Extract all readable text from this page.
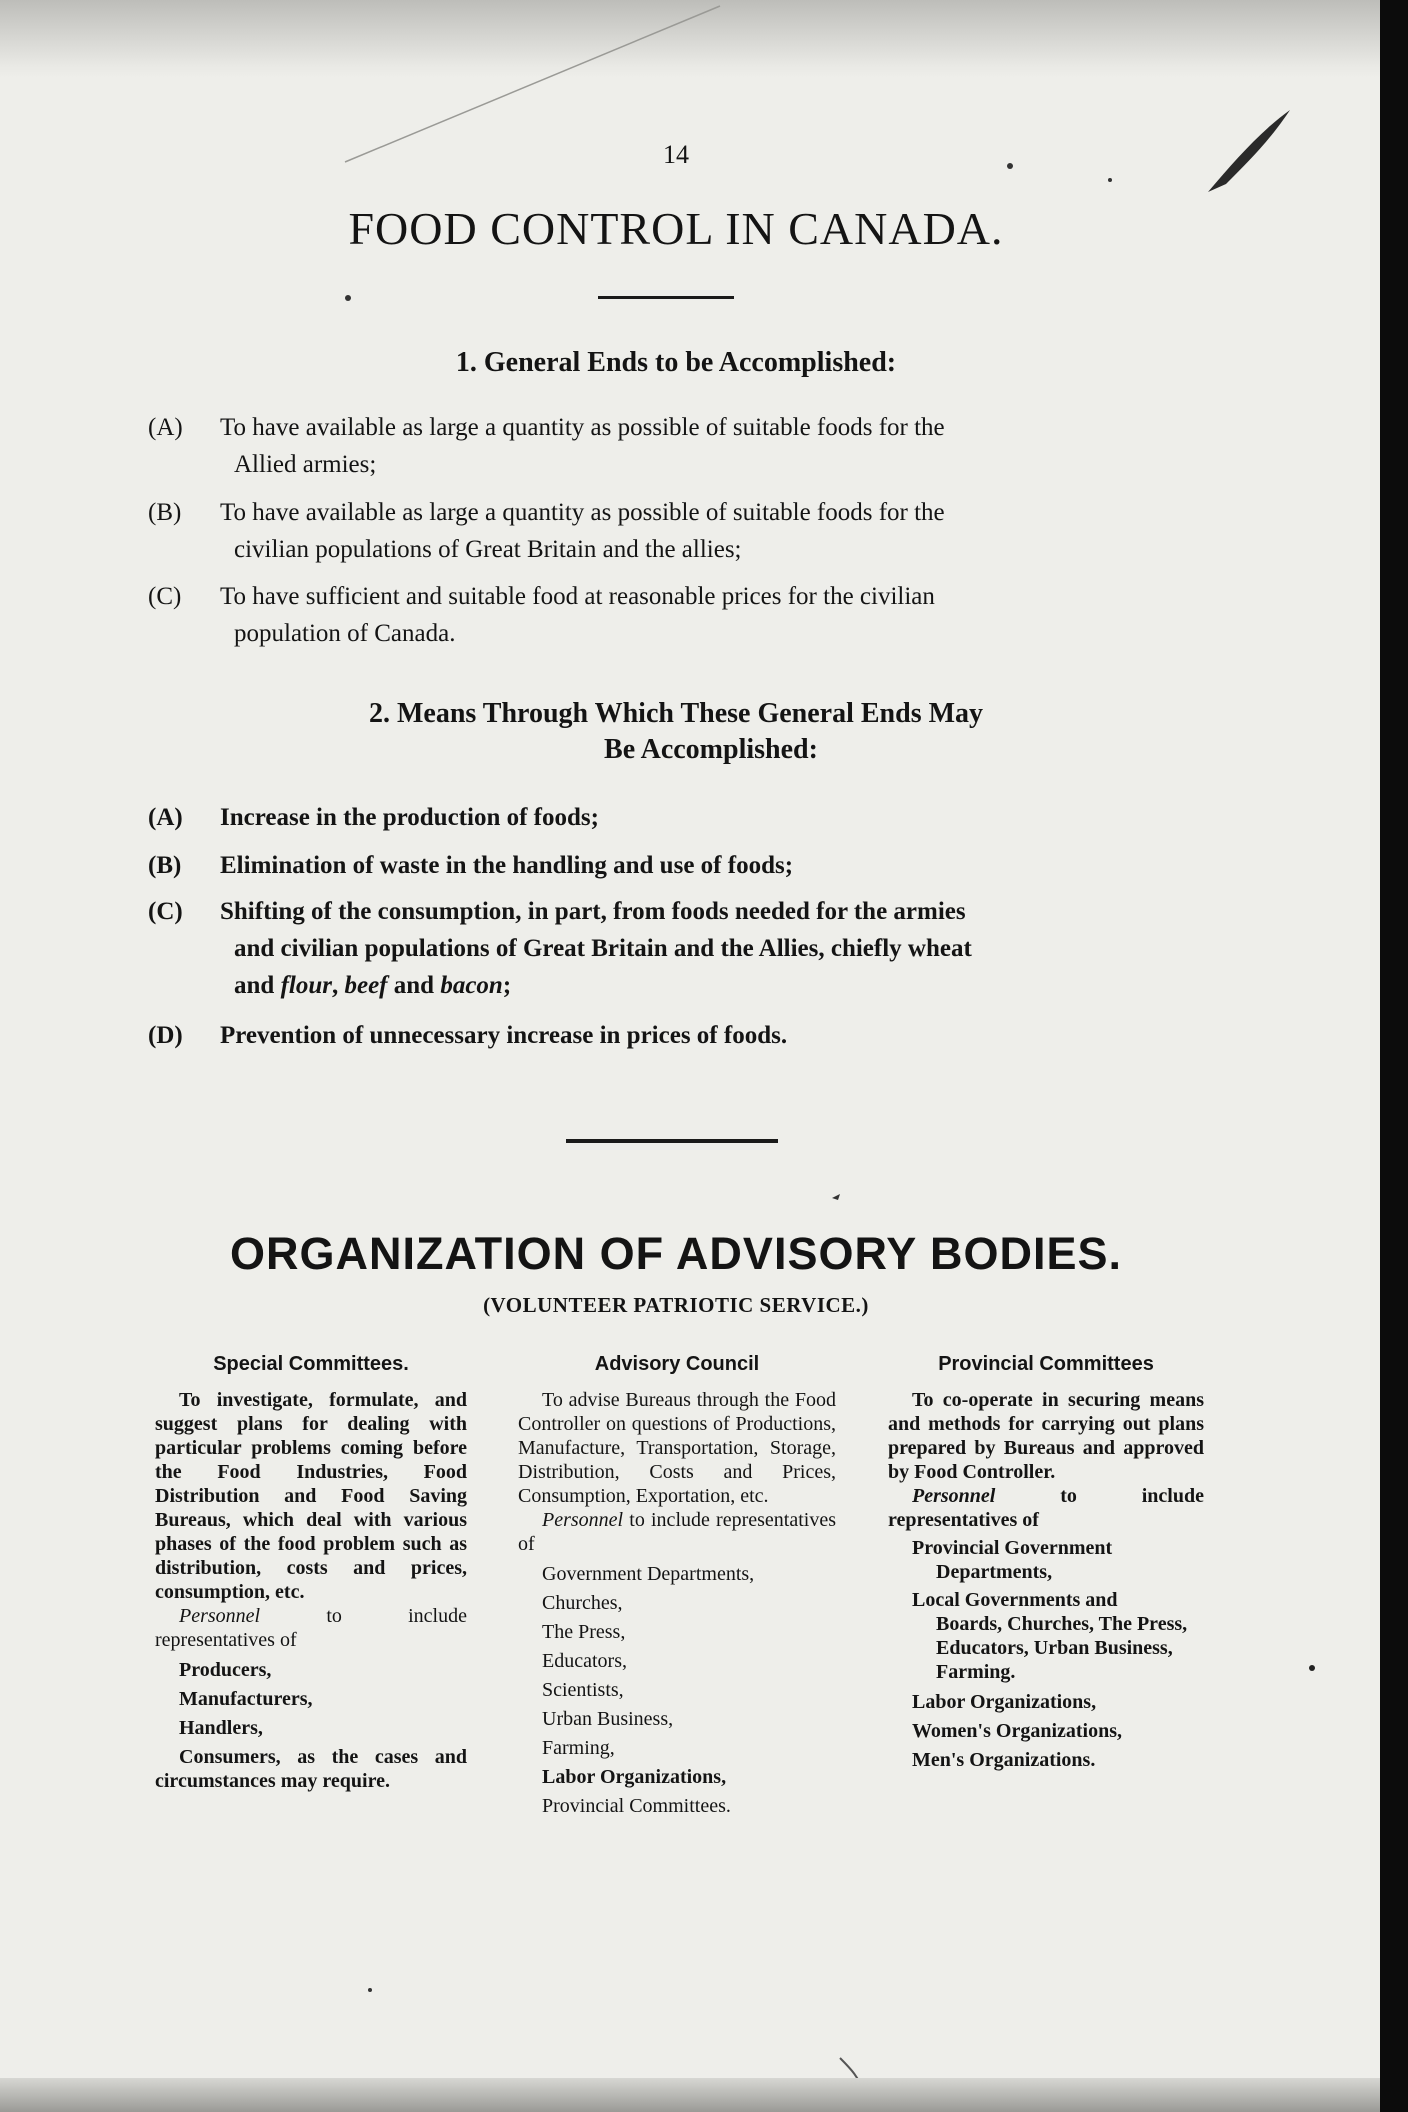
14
FOOD CONTROL IN CANADA.
1. General Ends to be Accomplished:
(A) To have available as large a quantity as possible of suitable foods for the
Allied armies;
(B) To have available as large a quantity as possible of suitable foods for the
civilian populations of Great Britain and the allies;
(C) To have sufficient and suitable food at reasonable prices for the civilian
population of Canada.
2. Means Through Which These General Ends May
Be Accomplished:
(A) Increase in the production of foods;
(B) Elimination of waste in the handling and use of foods;
(C) Shifting of the consumption, in part, from foods needed for the armies
and civilian populations of Great Britain and the Allies, chiefly wheat
and flour, beef and bacon;
(D) Prevention of unnecessary increase in prices of foods.
ORGANIZATION OF ADVISORY BODIES.
(VOLUNTEER PATRIOTIC SERVICE.)
Special Committees.

To investigate, formulate, and suggest plans for dealing with particular problems coming before the Food Industries, Food Distribution and Food Saving Bureaus, which deal with various phases of the food problem such as distribution, costs and prices, consumption, etc.

Personnel to include representatives of

Producers,
Manufacturers,
Handlers,

Consumers, as the cases and circumstances may require.

Advisory Council

To advise Bureaus through the Food Controller on questions of Productions, Manufacture, Transportation, Storage, Distribution, Costs and Prices, Consumption, Exportation, etc.

Personnel to include representatives of

Government Departments,
Churches,
The Press,
Educators,
Scientists,
Urban Business,
Farming,
Labor Organizations,
Provincial Committees.
Provincial Committees

To co-operate in securing means and methods for carrying out plans prepared by Bureaus and approved by Food Controller.

Personnel to include representatives of

Provincial Government
Departments,
Local Governments and
Boards, Churches, The Press, Educators, Urban Business, Farming.
Labor Organizations,
Women's Organizations,
Men's Organizations.
